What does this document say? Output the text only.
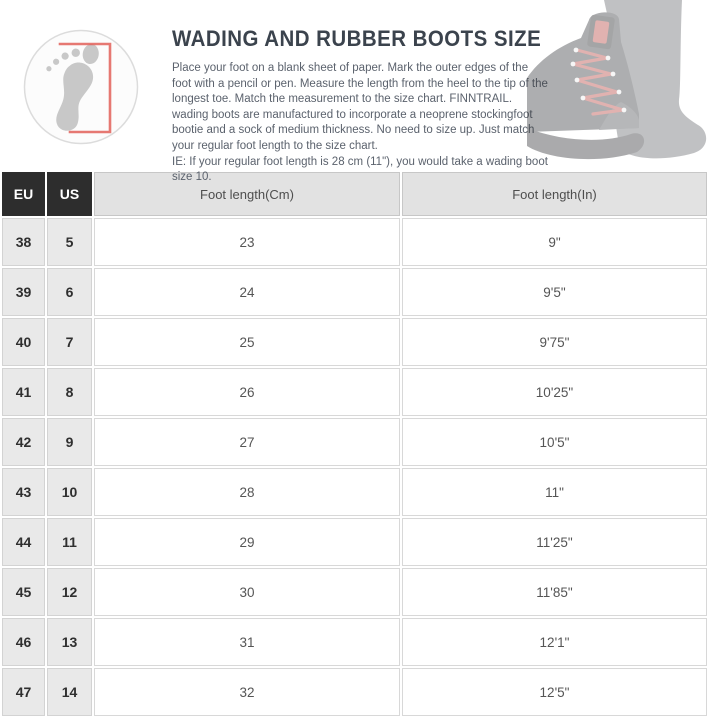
WADING AND RUBBER BOOTS SIZE

Place your foot on a blank sheet of paper. Mark the outer edges of the foot with a pencil or pen. Measure the length from the heel to the tip of the longest toe. Match the measurement to the size chart. FINNTRAIL. wading boots are manufactured to incorporate a neoprene stockingfoot bootie and a sock of medium thickness. No need to size up. Just match your regular foot length to the size chart.

IE: If your regular foot length is 28 cm (11"), you would take a wading boot size 10.

EU	US	Foot length(Cm)	Foot length(In)
38	5	23	9"
39	6	24	9'5"
40	7	25	9'75"
41	8	26	10'25"
42	9	27	10'5"
43	10	28	11"
44	11	29	11'25"
45	12	30	11'85"
46	13	31	12'1"
47	14	32	12'5"
